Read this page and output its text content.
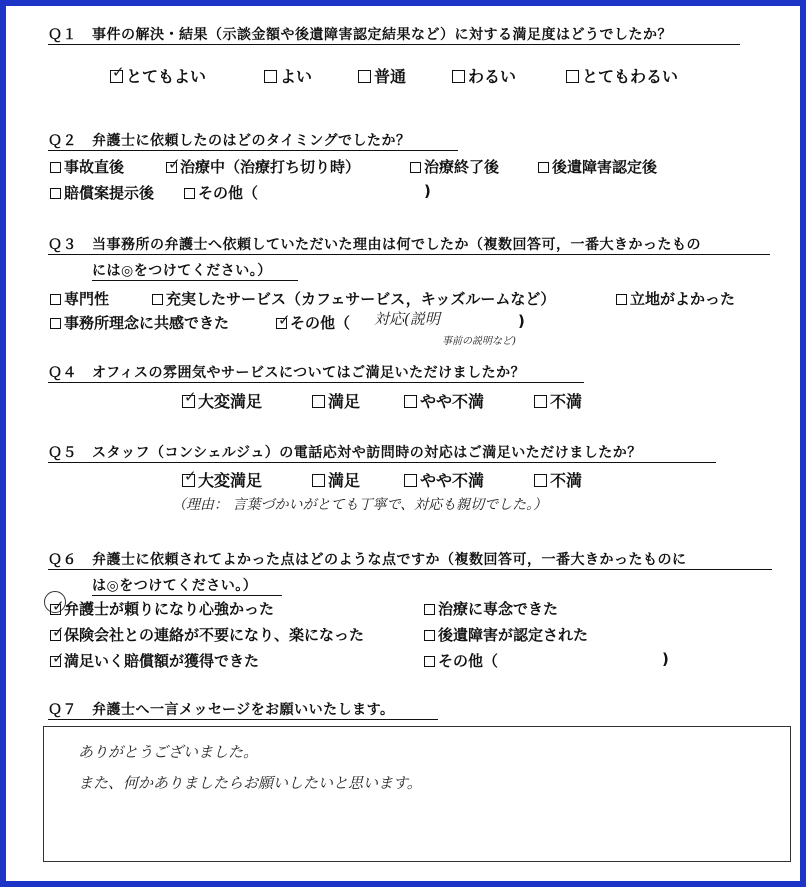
Ｑ１ 事件の解決・結果（示談金額や後遺障害認定結果など）に対する満足度はどうでしたか？
✓ とてもよい	よい	普通	わるい	とてもわるい
Ｑ２ 弁護士に依頼したのはどのタイミングでしたか？
事故直後	✓ 治療中（治療打ち切り時）	治療終了後	後遺障害認定後
賠償案提示後	その他（	)
Ｑ３ 当事務所の弁護士へ依頼していただいた理由は何でしたか（複数回答可，一番大きかったもの
には◎をつけてください。）
専門性	充実したサービス（カフェサービス，キッズルームなど）	立地がよかった
事務所理念に共感できた	✓ その他（ 対応(説明
事前の説明など)
)
Ｑ４ オフィスの雰囲気やサービスについてはご満足いただけましたか？
✓ 大変満足	満足	やや不満	不満
Ｑ５ スタッフ（コンシェルジュ）の電話応対や訪問時の対応はご満足いただけましたか？
✓ 大変満足	満足	やや不満	不満
（理由： 言葉づかいがとても丁寧で、対応も親切でした。）
Ｑ６ 弁護士に依頼されてよかった点はどのような点ですか（複数回答可，一番大きかったものに
は◎をつけてください。）
✓ 弁護士が頼りになり心強かった	治療に専念できた
✓ 保険会社との連絡が不要になり、楽になった	後遺障害が認定された
✓ 満足いく賠償額が獲得できた	その他（	)
Ｑ７ 弁護士へ一言メッセージをお願いいたします。
ありがとうございました。
また、何かありましたらお願いしたいと思います。
